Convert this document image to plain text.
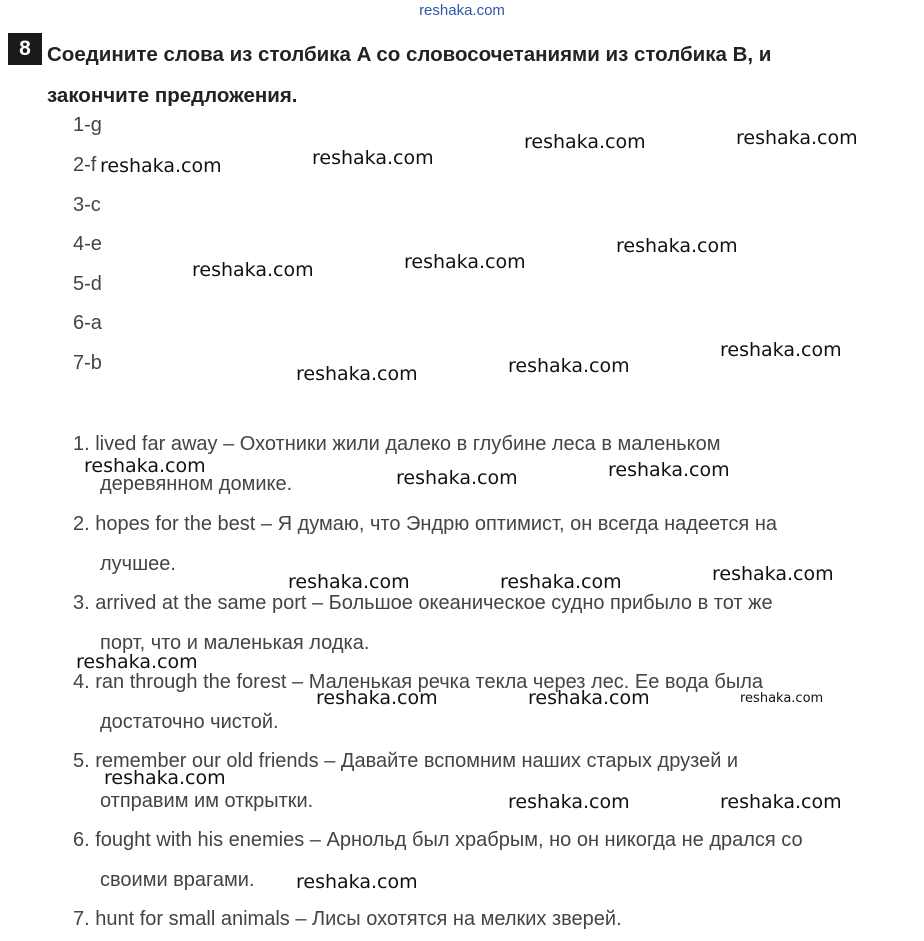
reshaka.com
8 Соедините слова из столбика A со словосочетаниями из столбика B, и
закончите предложения.
1-g
2-f
3-c
4-e
5-d
6-a
7-b
1. lived far away – Охотники жили далеко в глубине леса в маленьком
деревянном домике.
2. hopes for the best – Я думаю, что Эндрю оптимист, он всегда надеется на
лучшее.
3. arrived at the same port – Большое океаническое судно прибыло в тот же
порт, что и маленькая лодка.
4. ran through the forest – Маленькая речка текла через лес. Ее вода была
достаточно чистой.
5. remember our old friends – Давайте вспомним наших старых друзей и
отправим им открытки.
6. fought with his enemies – Арнольд был храбрым, но он никогда не дрался со
своими врагами.
7. hunt for small animals – Лисы охотятся на мелких зверей.
reshaka.com
reshaka.com	reshaka.com
reshaka.com
reshaka.com
reshaka.com
reshaka.com
reshaka.com
reshaka.com
reshaka.com
reshaka.com	reshaka.com
reshaka.com
reshaka.com
reshaka.com
reshaka.com
reshaka.com
reshaka.com	reshaka.com	reshaka.com
reshaka.com
reshaka.com	reshaka.com
reshaka.com
